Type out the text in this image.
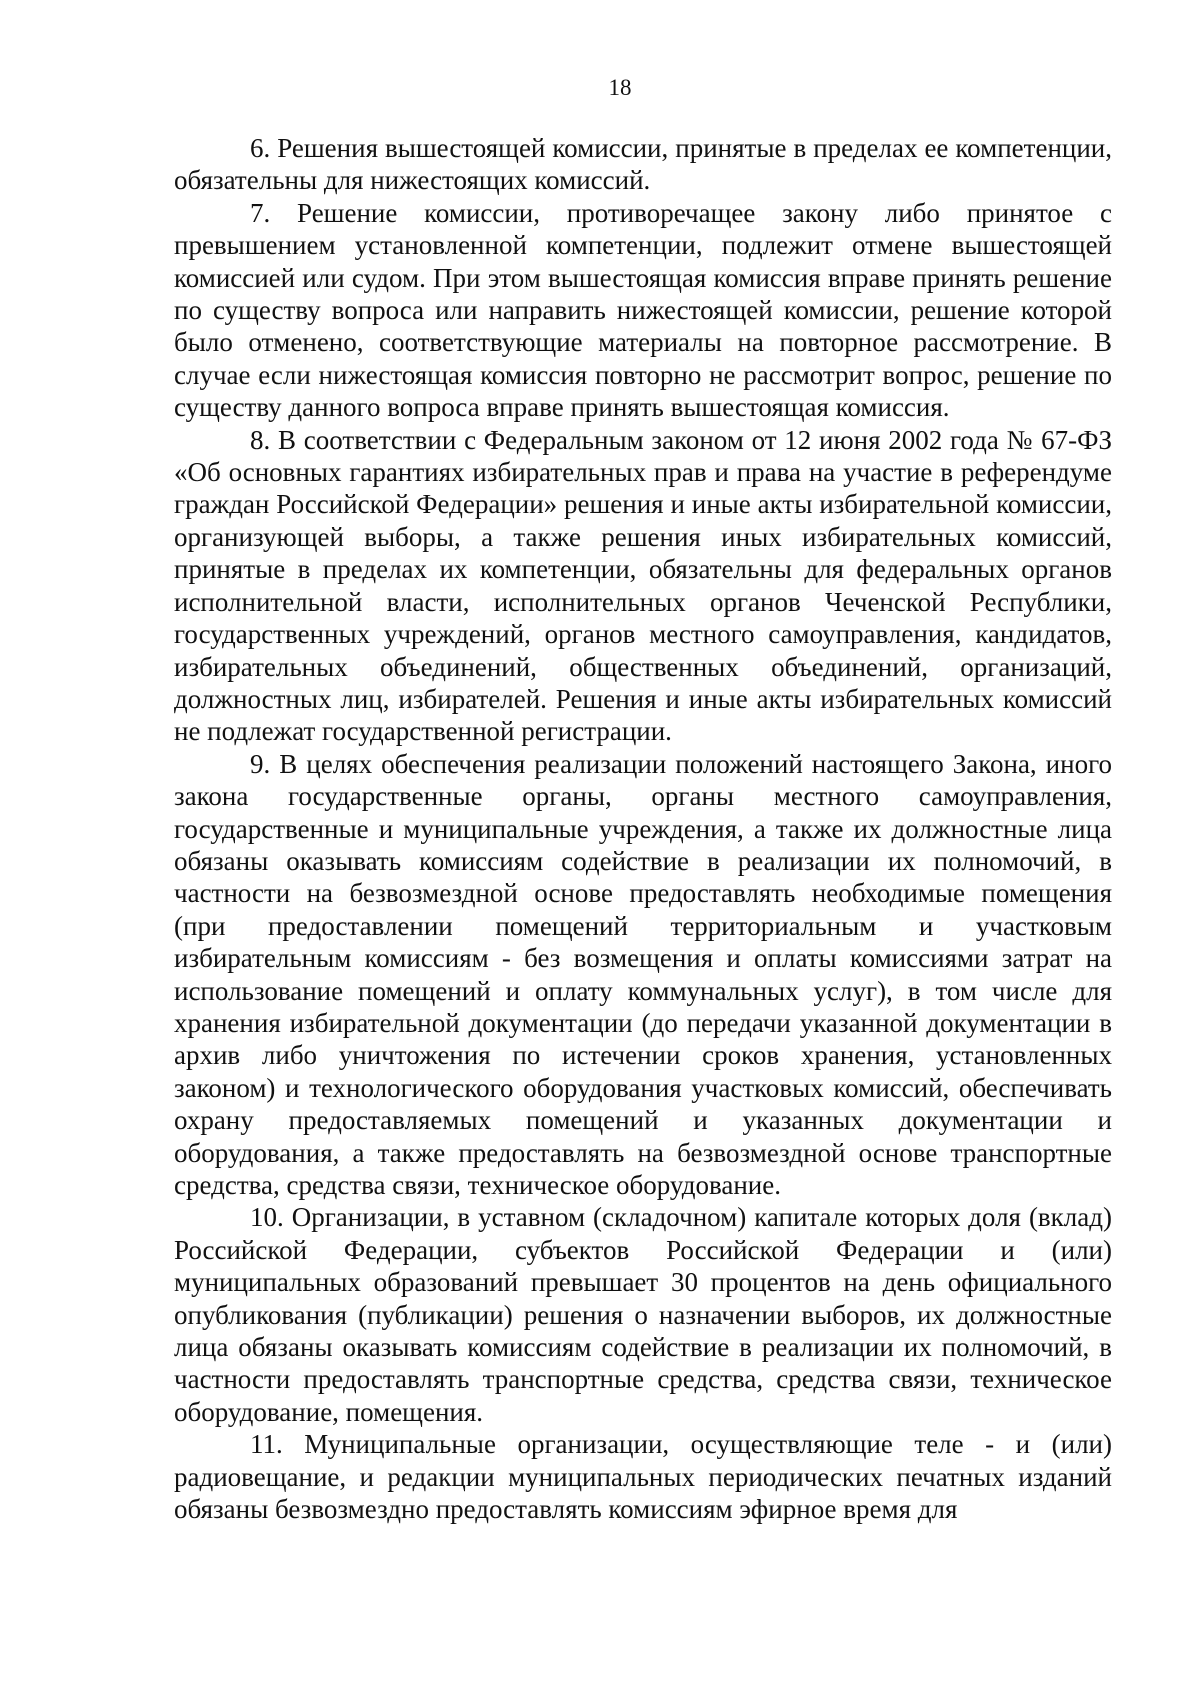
18

6. Решения вышестоящей комиссии, принятые в пределах ее компетенции, обязательны для нижестоящих комиссий.

7. Решение комиссии, противоречащее закону либо принятое с превышением установленной компетенции, подлежит отмене вышестоящей комиссией или судом. При этом вышестоящая комиссия вправе принять решение по существу вопроса или направить нижестоящей комиссии, решение которой было отменено, соответствующие материалы на повторное рассмотрение. В случае если нижестоящая комиссия повторно не рассмотрит вопрос, решение по существу данного вопроса вправе принять вышестоящая комиссия.

8. В соответствии с Федеральным законом от 12 июня 2002 года № 67-ФЗ «Об основных гарантиях избирательных прав и права на участие в референдуме граждан Российской Федерации» решения и иные акты избирательной комиссии, организующей выборы, а также решения иных избирательных комиссий, принятые в пределах их компетенции, обязательны для федеральных органов исполнительной власти, исполнительных органов Чеченской Республики, государственных учреждений, органов местного самоуправления, кандидатов, избирательных объединений, общественных объединений, организаций, должностных лиц, избирателей. Решения и иные акты избирательных комиссий не подлежат государственной регистрации.

9. В целях обеспечения реализации положений настоящего Закона, иного закона государственные органы, органы местного самоуправления, государственные и муниципальные учреждения, а также их должностные лица обязаны оказывать комиссиям содействие в реализации их полномочий, в частности на безвозмездной основе предоставлять необходимые помещения (при предоставлении помещений территориальным и участковым избирательным комиссиям - без возмещения и оплаты комиссиями затрат на использование помещений и оплату коммунальных услуг), в том числе для хранения избирательной документации (до передачи указанной документации в архив либо уничтожения по истечении сроков хранения, установленных законом) и технологического оборудования участковых комиссий, обеспечивать охрану предоставляемых помещений и указанных документации и оборудования, а также предоставлять на безвозмездной основе транспортные средства, средства связи, техническое оборудование.

10. Организации, в уставном (складочном) капитале которых доля (вклад) Российской Федерации, субъектов Российской Федерации и (или) муниципальных образований превышает 30 процентов на день официального опубликования (публикации) решения о назначении выборов, их должностные лица обязаны оказывать комиссиям содействие в реализации их полномочий, в частности предоставлять транспортные средства, средства связи, техническое оборудование, помещения.

11. Муниципальные организации, осуществляющие теле - и (или) радиовещание, и редакции муниципальных периодических печатных изданий обязаны безвозмездно предоставлять комиссиям эфирное время для
